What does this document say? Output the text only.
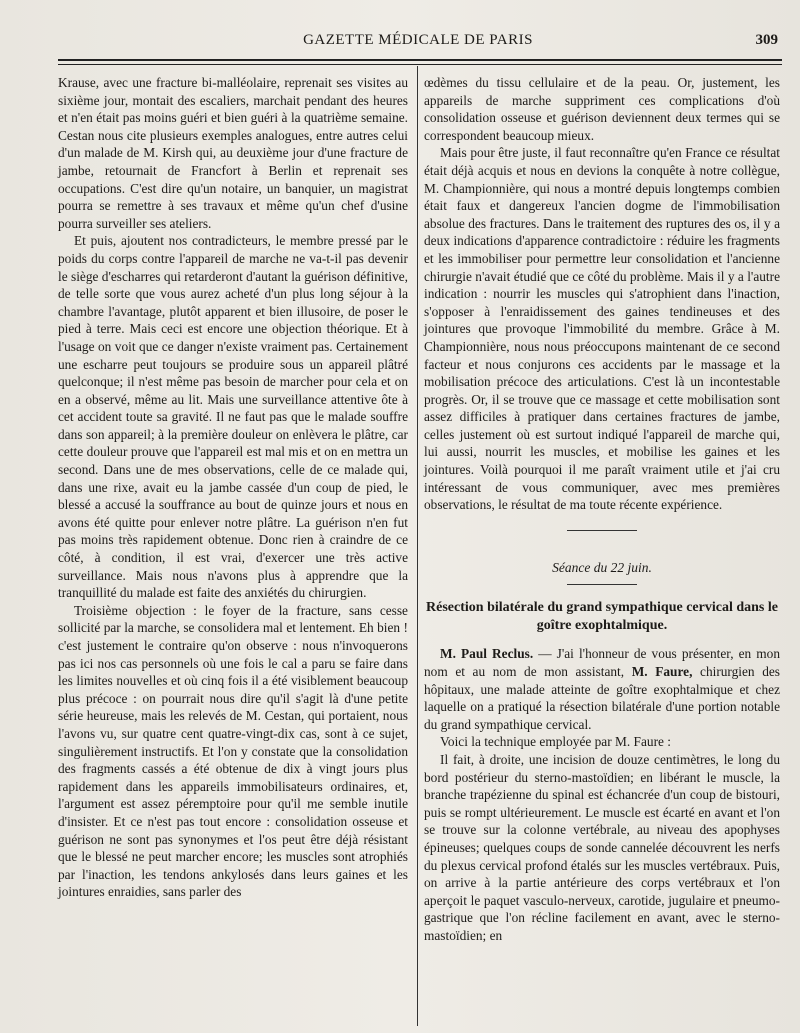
GAZETTE MÉDICALE DE PARIS	309

Krause, avec une fracture bi-malléolaire, reprenait ses visites au sixième jour, montait des escaliers, marchait pendant des heures et n'en était pas moins guéri et bien guéri à la quatrième semaine. Cestan nous cite plusieurs exemples analogues, entre autres celui d'un malade de M. Kirsh qui, au deuxième jour d'une fracture de jambe, retournait de Francfort à Berlin et reprenait ses occupations. C'est dire qu'un notaire, un banquier, un magistrat pourra se remettre à ses travaux et même qu'un chef d'usine pourra surveiller ses ateliers.

Et puis, ajoutent nos contradicteurs, le membre pressé par le poids du corps contre l'appareil de marche ne va-t-il pas devenir le siège d'escharres qui retarderont d'autant la guérison définitive, de telle sorte que vous aurez acheté d'un plus long séjour à la chambre l'avantage, plutôt apparent et bien illusoire, de poser le pied à terre. Mais ceci est encore une objection théorique. Et à l'usage on voit que ce danger n'existe vraiment pas. Certainement une escharre peut toujours se produire sous un appareil plâtré quelconque; il n'est même pas besoin de marcher pour cela et on en a observé, même au lit. Mais une surveillance attentive ôte à cet accident toute sa gravité. Il ne faut pas que le malade souffre dans son appareil; à la première douleur on enlèvera le plâtre, car cette douleur prouve que l'appareil est mal mis et on en mettra un second. Dans une de mes observations, celle de ce malade qui, dans une rixe, avait eu la jambe cassée d'un coup de pied, le blessé a accusé la souffrance au bout de quinze jours et nous en avons été quitte pour enlever notre plâtre. La guérison n'en fut pas moins très rapidement obtenue. Donc rien à craindre de ce côté, à condition, il est vrai, d'exercer une très active surveillance. Mais nous n'avons plus à apprendre que la tranquillité du malade est faite des anxiétés du chirurgien.

Troisième objection : le foyer de la fracture, sans cesse sollicité par la marche, se consolidera mal et lentement. Eh bien ! c'est justement le contraire qu'on observe : nous n'invoquerons pas ici nos cas personnels où une fois le cal a paru se faire dans les limites nouvelles et où cinq fois il a été visiblement beaucoup plus précoce : on pourrait nous dire qu'il s'agit là d'une petite série heureuse, mais les relevés de M. Cestan, qui portaient, nous l'avons vu, sur quatre cent quatre-vingt-dix cas, sont à ce sujet, singulièrement instructifs. Et l'on y constate que la consolidation des fragments cassés a été obtenue de dix à vingt jours plus rapidement dans les appareils immobilisateurs ordinaires, et, l'argument est assez péremptoire pour qu'il me semble inutile d'insister. Et ce n'est pas tout encore : consolidation osseuse et guérison ne sont pas synonymes et l'os peut être déjà résistant que le blessé ne peut marcher encore; les muscles sont atrophiés par l'inaction, les tendons ankylosés dans leurs gaines et les jointures enraidies, sans parler des

œdèmes du tissu cellulaire et de la peau. Or, justement, les appareils de marche suppriment ces complications d'où consolidation osseuse et guérison deviennent deux termes qui se correspondent beaucoup mieux.

Mais pour être juste, il faut reconnaître qu'en France ce résultat était déjà acquis et nous en devions la conquête à notre collègue, M. Championnière, qui nous a montré depuis longtemps combien était faux et dangereux l'ancien dogme de l'immobilisation absolue des fractures. Dans le traitement des ruptures des os, il y a deux indications d'apparence contradictoire : réduire les fragments et les immobiliser pour permettre leur consolidation et l'ancienne chirurgie n'avait étudié que ce côté du problème. Mais il y a l'autre indication : nourrir les muscles qui s'atrophient dans l'inaction, s'opposer à l'enraidissement des gaines tendineuses et des jointures que provoque l'immobilité du membre. Grâce à M. Championnière, nous nous préoccupons maintenant de ce second facteur et nous conjurons ces accidents par le massage et la mobilisation précoce des articulations. C'est là un incontestable progrès. Or, il se trouve que ce massage et cette mobilisation sont assez difficiles à pratiquer dans certaines fractures de jambe, celles justement où est surtout indiqué l'appareil de marche qui, lui aussi, nourrit les muscles, et mobilise les gaines et les jointures. Voilà pourquoi il me paraît vraiment utile et j'ai cru intéressant de vous communiquer, avec mes premières observations, le résultat de ma toute récente expérience.

Séance du 22 juin.
Résection bilatérale du grand sympathique cervical dans le goître exophtalmique.

M. Paul Reclus. — J'ai l'honneur de vous présenter, en mon nom et au nom de mon assistant, M. Faure, chirurgien des hôpitaux, une malade atteinte de goître exophtalmique et chez laquelle on a pratiqué la résection bilatérale d'une portion notable du grand sympathique cervical.

Voici la technique employée par M. Faure :

Il fait, à droite, une incision de douze centimètres, le long du bord postérieur du sterno-mastoïdien; en libérant le muscle, la branche trapézienne du spinal est échancrée d'un coup de bistouri, puis se rompt ultérieurement. Le muscle est écarté en avant et l'on se trouve sur la colonne vertébrale, au niveau des apophyses épineuses; quelques coups de sonde cannelée découvrent les nerfs du plexus cervical profond étalés sur les muscles vertébraux. Puis, on arrive à la partie antérieure des corps vertébraux et l'on aperçoit le paquet vasculo-nerveux, carotide, jugulaire et pneumo-gastrique que l'on récline facilement en avant, avec le sterno-mastoïdien; en
